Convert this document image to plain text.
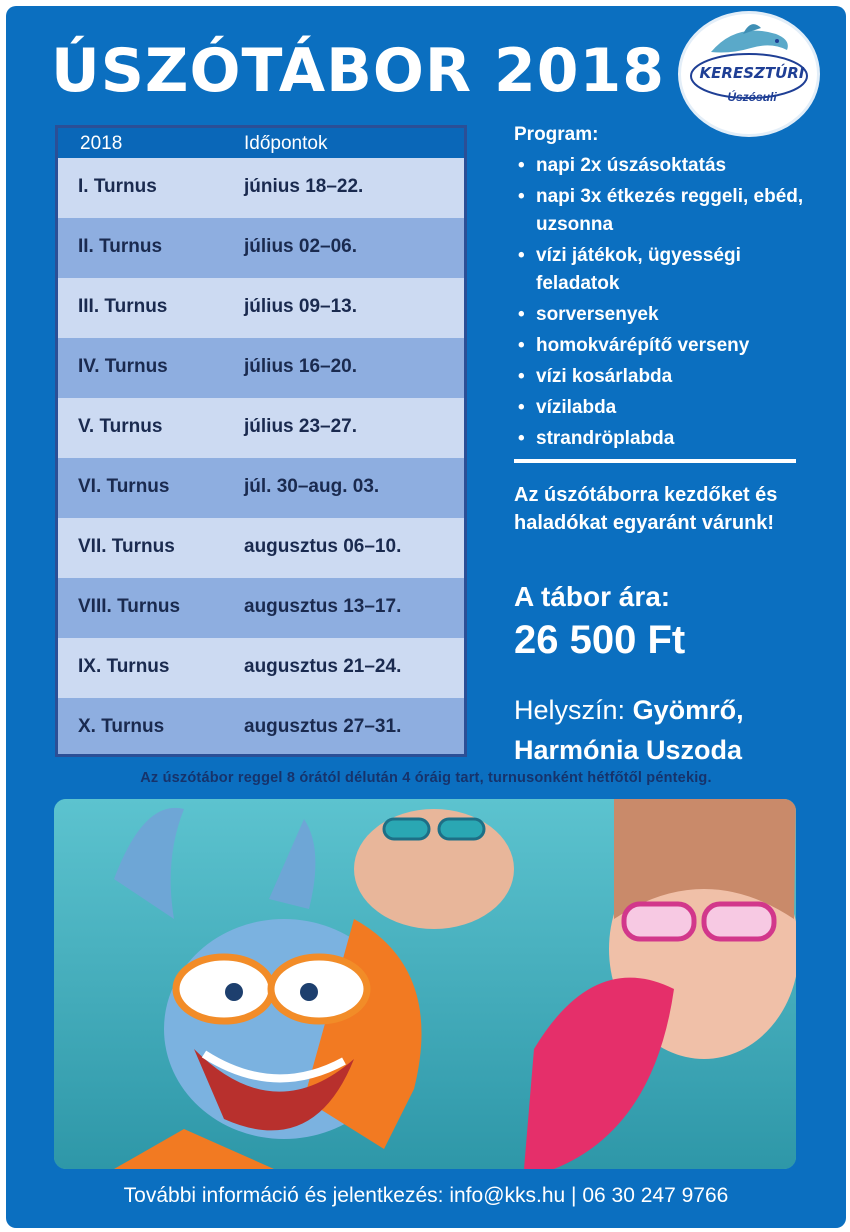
ÚSZÓTÁBOR 2018	KERESZTÚRI
Úszósuli
2018	Időpontok
I. Turnus	június 18–22.
II. Turnus	július 02–06.
III. Turnus	július 09–13.
IV. Turnus	július 16–20.
V. Turnus	július 23–27.
VI. Turnus	júl. 30–aug. 03.
VII. Turnus	augusztus 06–10.
VIII. Turnus	augusztus 13–17.
IX. Turnus	augusztus 21–24.
X. Turnus	augusztus 27–31.
Program:
• napi 2x úszásoktatás
• napi 3x étkezés reggeli, ebéd, uzsonna
• vízi játékok, ügyességi feladatok
• sorversenyek
• homokvárépítő verseny
• vízi kosárlabda
• vízilabda
• strandröplabda
Az úszótáborra kezdőket és haladókat egyaránt várunk!
A tábor ára:
26 500 Ft
Helyszín: Gyömrő,
Harmónia Uszoda
Az úszótábor reggel 8 órától délután 4 óráig tart, turnusonként hétfőtől péntekig.
További információ és jelentkezés: info@kks.hu | 06 30 247 9766
